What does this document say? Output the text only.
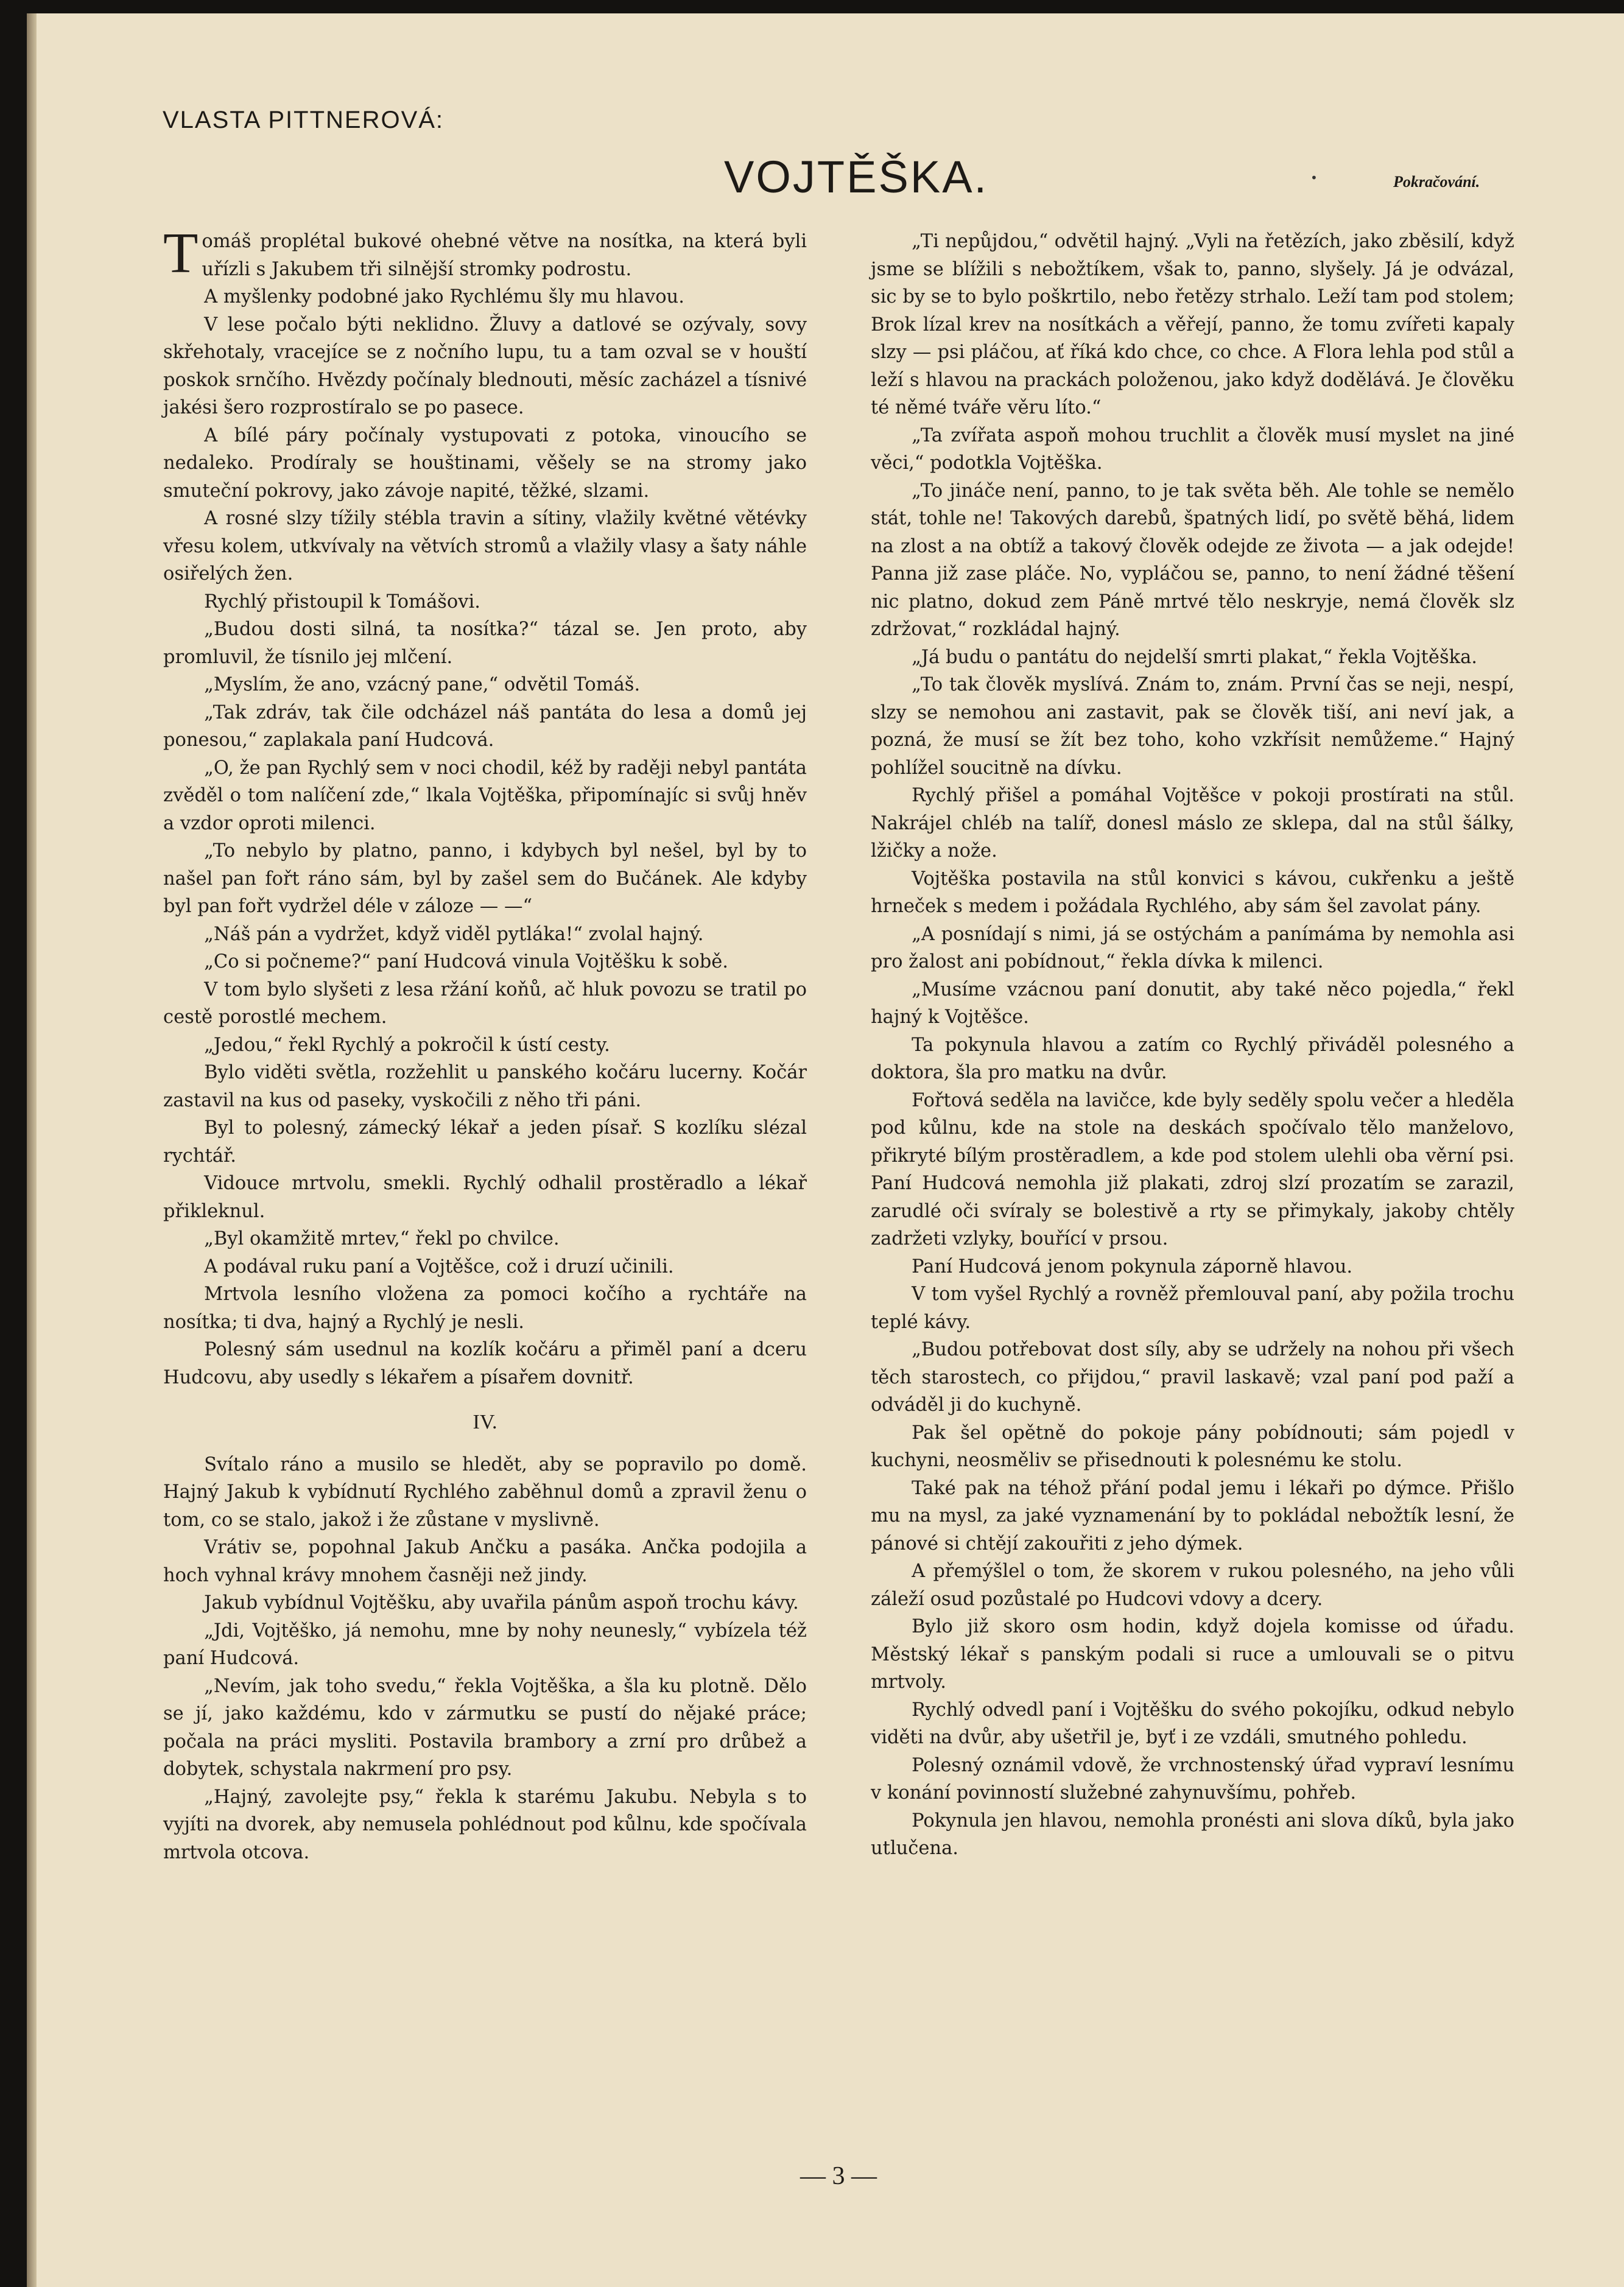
VLASTA PITTNEROVÁ:
VOJTĚŠKA.	•	Pokračování.

Tomáš proplétal bukové ohebné větve na nosítka, na která byli uřízli s Jakubem tři silnější stromky podrostu.

A myšlenky podobné jako Rychlému šly mu hlavou.

V lese počalo býti neklidno. Žluvy a datlové se ozývaly, sovy skřehotaly, vracejíce se z nočního lupu, tu a tam ozval se v houští poskok srnčího. Hvězdy počínaly blednouti, měsíc zacházel a tísnivé jakési šero rozprostíralo se po pasece.

A bílé páry počínaly vystupovati z potoka, vinoucího se nedaleko. Prodíraly se houštinami, věšely se na stromy jako smuteční pokrovy, jako závoje napité, těžké, slzami.

A rosné slzy tížily stébla travin a sítiny, vlažily květné větévky vřesu kolem, utkvívaly na větvích stromů a vlažily vlasy a šaty náhle osiřelých žen.

Rychlý přistoupil k Tomášovi.

„Budou dosti silná, ta nosítka?“ tázal se. Jen proto, aby promluvil, že tísnilo jej mlčení.

„Myslím, že ano, vzácný pane,“ odvětil Tomáš.

„Tak zdráv, tak čile odcházel náš pantáta do lesa a domů jej ponesou,“ zaplakala paní Hudcová.

„O, že pan Rychlý sem v noci chodil, kéž by raději nebyl pantáta zvěděl o tom nalíčení zde,“ lkala Vojtěška, připomínajíc si svůj hněv a vzdor oproti milenci.

„To nebylo by platno, panno, i kdybych byl nešel, byl by to našel pan fořt ráno sám, byl by zašel sem do Bučánek. Ale kdyby byl pan fořt vydržel déle v záloze — —“

„Náš pán a vydržet, když viděl pytláka!“ zvolal hajný.

„Co si počneme?“ paní Hudcová vinula Vojtěšku k sobě.

V tom bylo slyšeti z lesa ržání koňů, ač hluk povozu se tratil po cestě porostlé mechem.

„Jedou,“ řekl Rychlý a pokročil k ústí cesty.

Bylo viděti světla, rozžehlit u panského kočáru lucerny. Kočár zastavil na kus od paseky, vyskočili z něho tři páni.

Byl to polesný, zámecký lékař a jeden písař. S kozlíku slézal rychtář.

Vidouce mrtvolu, smekli. Rychlý odhalil prostěradlo a lékař přikleknul.

„Byl okamžitě mrtev,“ řekl po chvilce.

A podával ruku paní a Vojtěšce, což i druzí učinili.

Mrtvola lesního vložena za pomoci kočího a rychtáře na nosítka; ti dva, hajný a Rychlý je nesli.

Polesný sám usednul na kozlík kočáru a přiměl paní a dceru Hudcovu, aby usedly s lékařem a písařem dovnitř.

IV.

Svítalo ráno a musilo se hledět, aby se popravilo po domě. Hajný Jakub k vybídnutí Rychlého zaběhnul domů a zpravil ženu o tom, co se stalo, jakož i že zůstane v myslivně.

Vrátiv se, popohnal Jakub Ančku a pasáka. Ančka podojila a hoch vyhnal krávy mnohem časněji než jindy.

Jakub vybídnul Vojtěšku, aby uvařila pánům aspoň trochu kávy.

„Jdi, Vojtěško, já nemohu, mne by nohy neunesly,“ vybízela též paní Hudcová.

„Nevím, jak toho svedu,“ řekla Vojtěška, a šla ku plotně. Dělo se jí, jako každému, kdo v zármutku se pustí do nějaké práce; počala na práci mysliti. Postavila brambory a zrní pro drůbež a dobytek, schystala nakrmení pro psy.

„Hajný, zavolejte psy,“ řekla k starému Jakubu. Nebyla s to vyjíti na dvorek, aby nemusela pohlédnout pod kůlnu, kde spočívala mrtvola otcova.

„Ti nepůjdou,“ odvětil hajný. „Vyli na řetězích, jako zběsilí, když jsme se blížili s nebožtíkem, však to, panno, slyšely. Já je odvázal, sic by se to bylo poškrtilo, nebo řetězy strhalo. Leží tam pod stolem; Brok lízal krev na nosítkách a věřejí, panno, že tomu zvířeti kapaly slzy — psi pláčou, ať říká kdo chce, co chce. A Flora lehla pod stůl a leží s hlavou na prackách položenou, jako když dodělává. Je člověku té němé tváře věru líto.“

„Ta zvířata aspoň mohou truchlit a člověk musí myslet na jiné věci,“ podotkla Vojtěška.

„To jináče není, panno, to je tak světa běh. Ale tohle se nemělo stát, tohle ne! Takových darebů, špatných lidí, po světě běhá, lidem na zlost a na obtíž a takový člověk odejde ze života — a jak odejde! Panna již zase pláče. No, vypláčou se, panno, to není žádné těšení nic platno, dokud zem Páně mrtvé tělo neskryje, nemá člověk slz zdržovat,“ rozkládal hajný.

„Já budu o pantátu do nejdelší smrti plakat,“ řekla Vojtěška.

„To tak člověk myslívá. Znám to, znám. První čas se neji, nespí, slzy se nemohou ani zastavit, pak se člověk tiší, ani neví jak, a pozná, že musí se žít bez toho, koho vzkřísit nemůžeme.“ Hajný pohlížel soucitně na dívku.

Rychlý přišel a pomáhal Vojtěšce v pokoji prostírati na stůl. Nakrájel chléb na talíř, donesl máslo ze sklepa, dal na stůl šálky, lžičky a nože.

Vojtěška postavila na stůl konvici s kávou, cukřenku a ještě hrneček s medem i požádala Rychlého, aby sám šel zavolat pány.

„A posnídají s nimi, já se ostýchám a panímáma by nemohla asi pro žalost ani pobídnout,“ řekla dívka k milenci.

„Musíme vzácnou paní donutit, aby také něco pojedla,“ řekl hajný k Vojtěšce.

Ta pokynula hlavou a zatím co Rychlý přiváděl polesného a doktora, šla pro matku na dvůr.

Fořtová seděla na lavičce, kde byly seděly spolu večer a hleděla pod kůlnu, kde na stole na deskách spočívalo tělo manželovo, přikryté bílým prostěradlem, a kde pod stolem ulehli oba věrní psi. Paní Hudcová nemohla již plakati, zdroj slzí prozatím se zarazil, zarudlé oči svíraly se bolestivě a rty se přimykaly, jakoby chtěly zadržeti vzlyky, bouřící v prsou.

Paní Hudcová jenom pokynula záporně hlavou.

V tom vyšel Rychlý a rovněž přemlouval paní, aby požila trochu teplé kávy.

„Budou potřebovat dost síly, aby se udržely na nohou při všech těch starostech, co přijdou,“ pravil laskavě; vzal paní pod paží a odváděl ji do kuchyně.

Pak šel opětně do pokoje pány pobídnouti; sám pojedl v kuchyni, neosměliv se přisednouti k polesnému ke stolu.

Také pak na téhož přání podal jemu i lékaři po dýmce. Přišlo mu na mysl, za jaké vyznamenání by to pokládal nebožtík lesní, že pánové si chtějí zakouřiti z jeho dýmek.

A přemýšlel o tom, že skorem v rukou polesného, na jeho vůli záleží osud pozůstalé po Hudcovi vdovy a dcery.

Bylo již skoro osm hodin, když dojela komisse od úřadu. Městský lékař s panským podali si ruce a umlouvali se o pitvu mrtvoly.

Rychlý odvedl paní i Vojtěšku do svého pokojíku, odkud nebylo viděti na dvůr, aby ušetřil je, byť i ze vzdáli, smutného pohledu.

Polesný oznámil vdově, že vrchnostenský úřad vypraví lesnímu v konání povinností služebné zahynuvšímu, pohřeb.

Pokynula jen hlavou, nemohla pronésti ani slova díků, byla jako utlučena.

— 3 —
